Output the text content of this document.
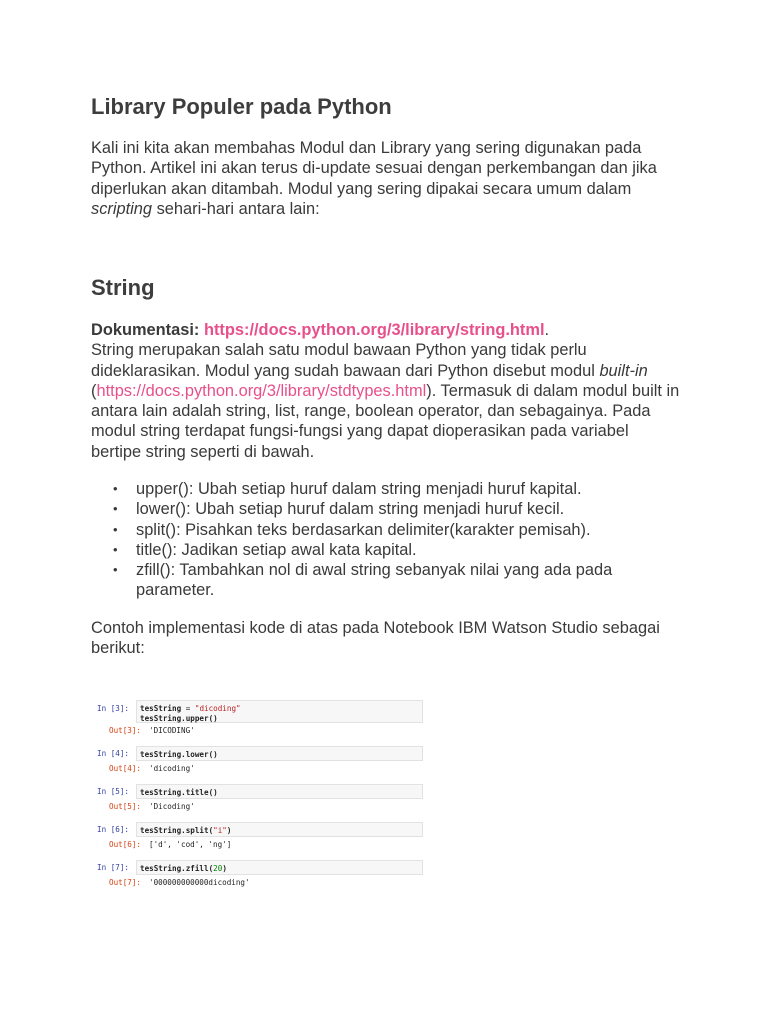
Library Populer pada Python

Kali ini kita akan membahas Modul dan Library yang sering digunakan pada Python. Artikel ini akan terus di-update sesuai dengan perkembangan dan jika diperlukan akan ditambah. Modul yang sering dipakai secara umum dalam scripting sehari-hari antara lain:

String

Dokumentasi: https://docs.python.org/3/library/string.html.
String merupakan salah satu modul bawaan Python yang tidak perlu dideklarasikan. Modul yang sudah bawaan dari Python disebut modul built-in (https://docs.python.org/3/library/stdtypes.html). Termasuk di dalam modul built in antara lain adalah string, list, range, boolean operator, dan sebagainya. Pada modul string terdapat fungsi-fungsi yang dapat dioperasikan pada variabel bertipe string seperti di bawah.

• upper(): Ubah setiap huruf dalam string menjadi huruf kapital.
• lower(): Ubah setiap huruf dalam string menjadi huruf kecil.
• split(): Pisahkan teks berdasarkan delimiter(karakter pemisah).
• title(): Jadikan setiap awal kata kapital.
• zfill(): Tambahkan nol di awal string sebanyak nilai yang ada pada parameter.

Contoh implementasi kode di atas pada Notebook IBM Watson Studio sebagai berikut:

In [3]:	tesString = "dicoding"
tesString.upper()
Out[3]: 'DICODING'
In [4]:	tesString.lower()
Out[4]: 'dicoding'
In [5]:	tesString.title()
Out[5]: 'Dicoding'
In [6]:	tesString.split("i")
Out[6]: ['d', 'cod', 'ng']
In [7]:	tesString.zfill(20)
Out[7]: '000000000000dicoding'
